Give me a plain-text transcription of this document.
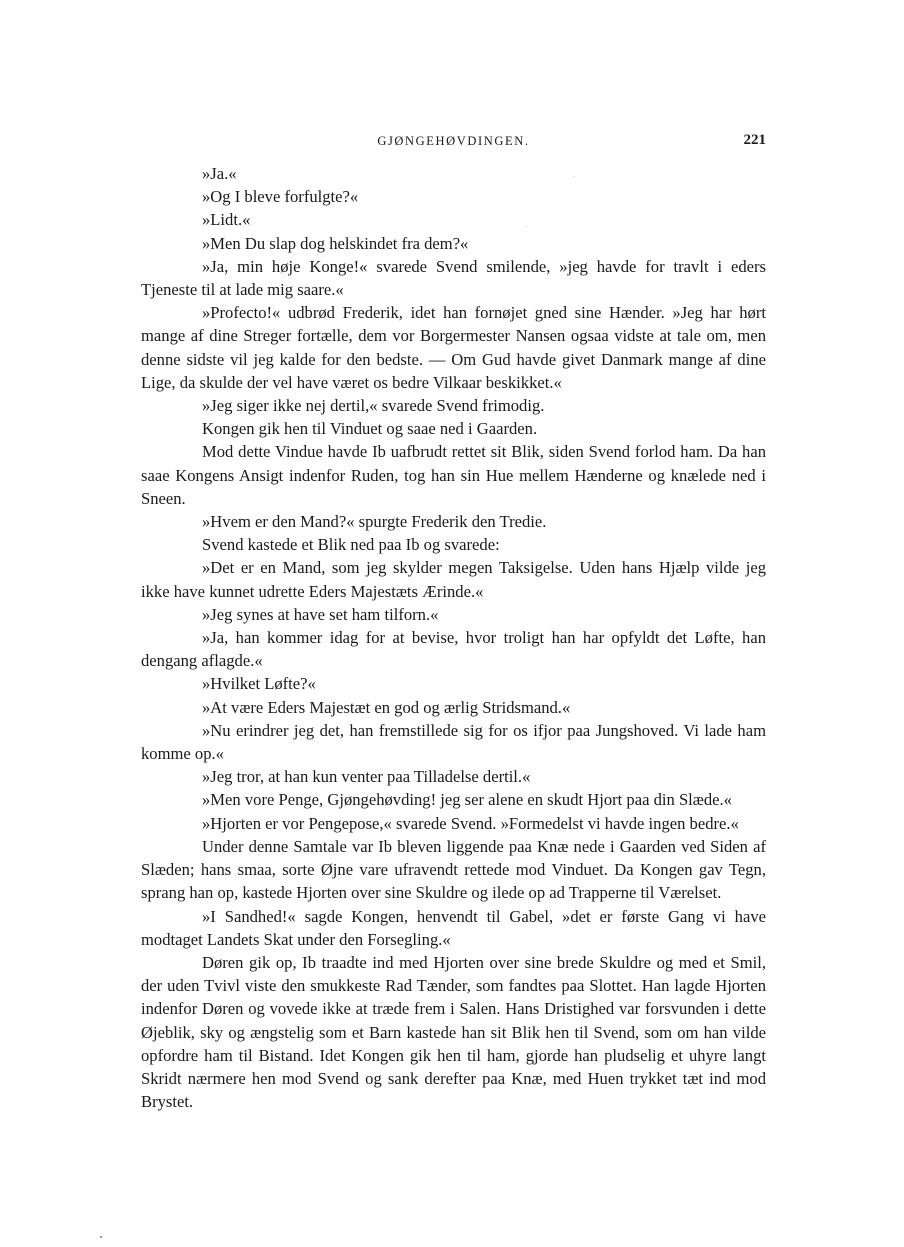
GJØNGEHØVDINGEN.	221

»Ja.«

»Og I bleve forfulgte?«

»Lidt.«

»Men Du slap dog helskindet fra dem?«

»Ja, min høje Konge!« svarede Svend smilende, »jeg havde for travlt i eders Tjeneste til at lade mig saare.«

»Profecto!« udbrød Frederik, idet han fornøjet gned sine Hænder. »Jeg har hørt mange af dine Streger fortælle, dem vor Borgermester Nansen ogsaa vidste at tale om, men denne sidste vil jeg kalde for den bedste. — Om Gud havde givet Danmark mange af dine Lige, da skulde der vel have været os bedre Vilkaar beskikket.«

»Jeg siger ikke nej dertil,« svarede Svend frimodig.

Kongen gik hen til Vinduet og saae ned i Gaarden.

Mod dette Vindue havde Ib uafbrudt rettet sit Blik, siden Svend forlod ham. Da han saae Kongens Ansigt indenfor Ruden, tog han sin Hue mellem Hænderne og knælede ned i Sneen.

»Hvem er den Mand?« spurgte Frederik den Tredie.

Svend kastede et Blik ned paa Ib og svarede:

»Det er en Mand, som jeg skylder megen Taksigelse. Uden hans Hjælp vilde jeg ikke have kunnet udrette Eders Majestæts Ærinde.«

»Jeg synes at have set ham tilforn.«

»Ja, han kommer idag for at bevise, hvor troligt han har opfyldt det Løfte, han dengang aflagde.«

»Hvilket Løfte?«

»At være Eders Majestæt en god og ærlig Stridsmand.«

»Nu erindrer jeg det, han fremstillede sig for os ifjor paa Jungshoved. Vi lade ham komme op.«

»Jeg tror, at han kun venter paa Tilladelse dertil.«

»Men vore Penge, Gjøngehøvding! jeg ser alene en skudt Hjort paa din Slæde.«

»Hjorten er vor Pengepose,« svarede Svend. »Formedelst vi havde ingen bedre.«

Under denne Samtale var Ib bleven liggende paa Knæ nede i Gaarden ved Siden af Slæden; hans smaa, sorte Øjne vare ufravendt rettede mod Vinduet. Da Kongen gav Tegn, sprang han op, kastede Hjorten over sine Skuldre og ilede op ad Trapperne til Værelset.

»I Sandhed!« sagde Kongen, henvendt til Gabel, »det er første Gang vi have modtaget Landets Skat under den Forsegling.«

Døren gik op, Ib traadte ind med Hjorten over sine brede Skuldre og med et Smil, der uden Tvivl viste den smukkeste Rad Tænder, som fandtes paa Slottet. Han lagde Hjorten indenfor Døren og vovede ikke at træde frem i Salen. Hans Dristighed var forsvunden i dette Øjeblik, sky og ængstelig som et Barn kastede han sit Blik hen til Svend, som om han vilde opfordre ham til Bistand. Idet Kongen gik hen til ham, gjorde han pludselig et uhyre langt Skridt nærmere hen mod Svend og sank derefter paa Knæ, med Huen trykket tæt ind mod Brystet.
